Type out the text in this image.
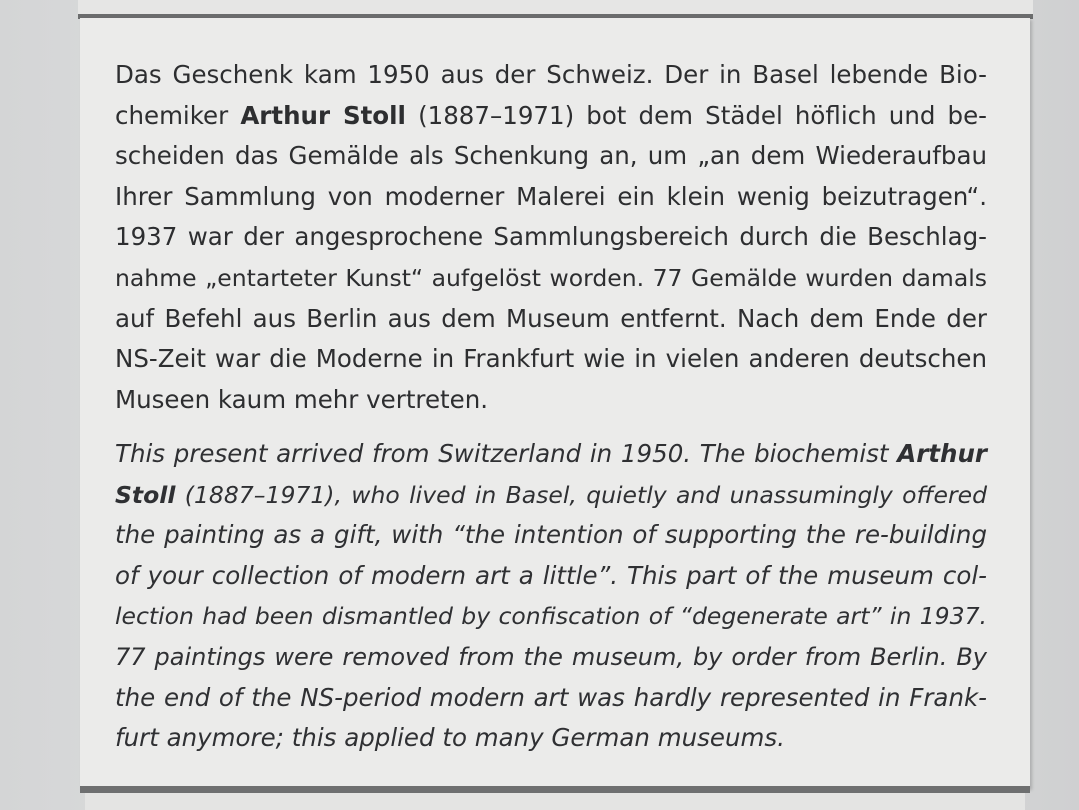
Das Geschenk kam 1950 aus der Schweiz. Der in Basel lebende Bio-
chemiker Arthur Stoll (1887–1971) bot dem Städel höflich und be-
scheiden das Gemälde als Schenkung an, um „an dem Wiederaufbau
Ihrer Sammlung von moderner Malerei ein klein wenig beizutragen“.
1937 war der angesprochene Sammlungsbereich durch die Beschlag-
nahme „entarteter Kunst“ aufgelöst worden. 77 Gemälde wurden damals
auf Befehl aus Berlin aus dem Museum entfernt. Nach dem Ende der
NS-Zeit war die Moderne in Frankfurt wie in vielen anderen deutschen
Museen kaum mehr vertreten.
This present arrived from Switzerland in 1950. The biochemist Arthur
Stoll (1887–1971), who lived in Basel, quietly and unassumingly offered
the painting as a gift, with “the intention of supporting the re-building
of your collection of modern art a little”. This part of the museum col-
lection had been dismantled by confiscation of “degenerate art” in 1937.
77 paintings were removed from the museum, by order from Berlin. By
the end of the NS-period modern art was hardly represented in Frank-
furt anymore; this applied to many German museums.
